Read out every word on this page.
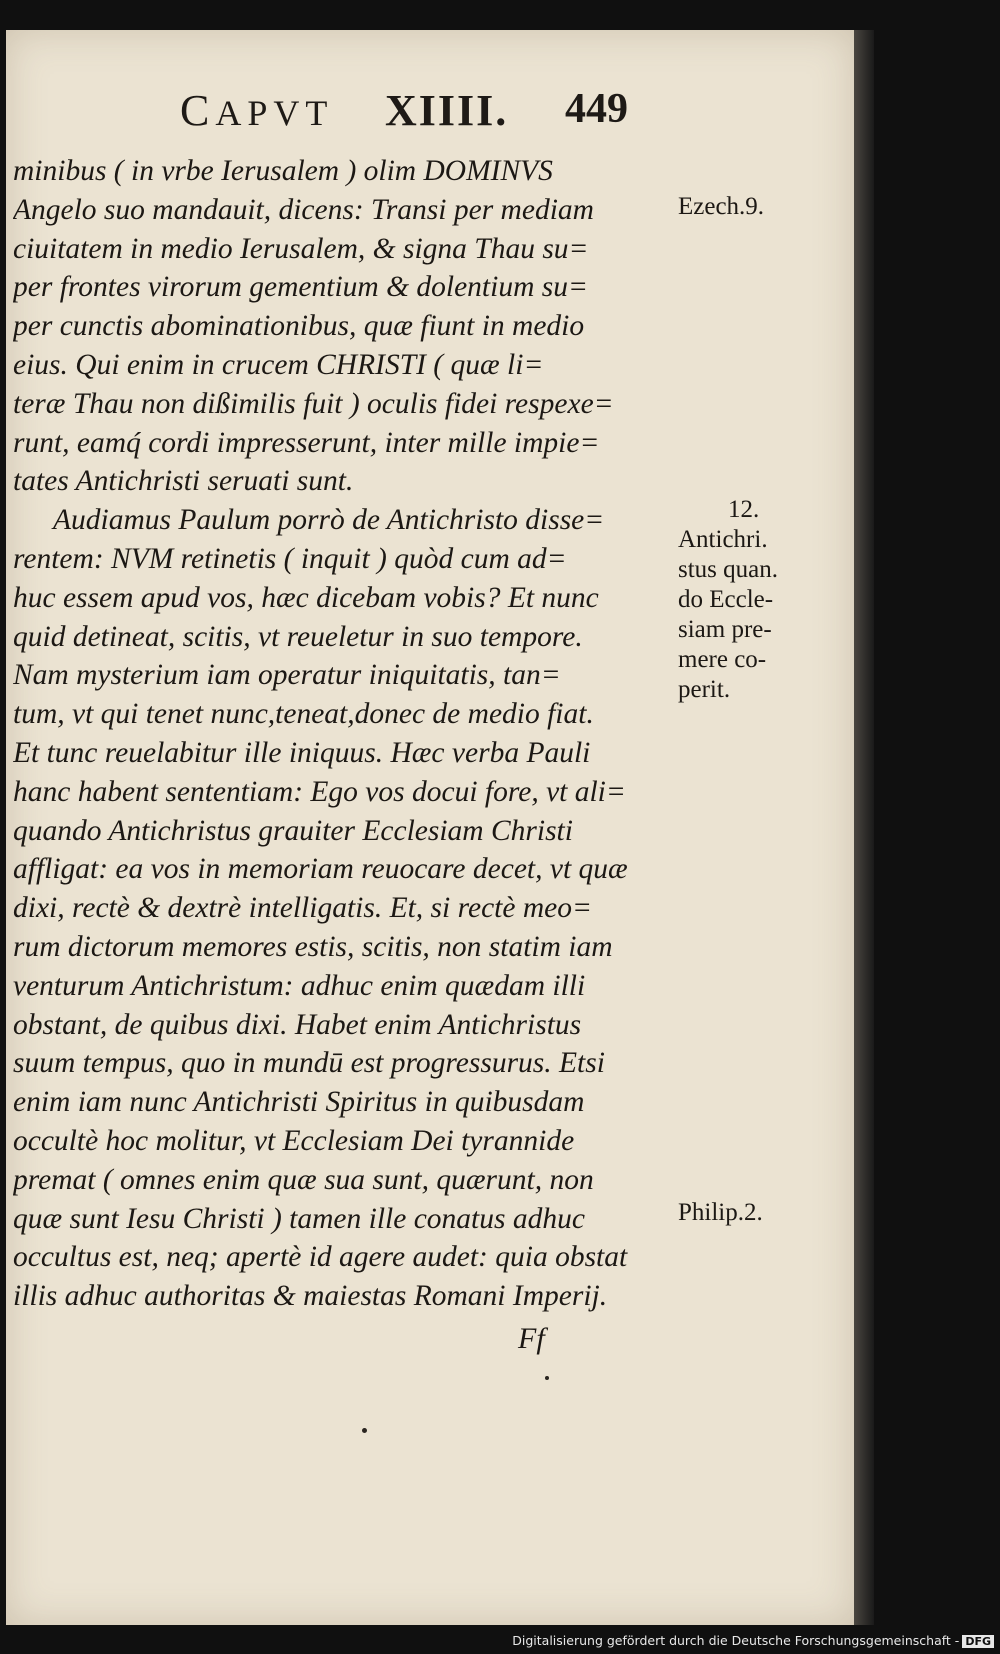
CAPVT XIIII. 449
minibus ( in vrbe Ierusalem ) olim DOMINVS
Angelo suo mandauit, dicens: Transi per mediam
ciuitatem in medio Ierusalem, & signa Thau su=
per frontes virorum gementium & dolentium su=
per cunctis abominationibus, quæ fiunt in medio
eius. Qui enim in crucem CHRISTI ( quæ li=
teræ Thau non dißimilis fuit ) oculis fidei respexe=
runt, eamq́ cordi impresserunt, inter mille impie=
tates Antichristi seruati sunt.
Audiamus Paulum porrò de Antichristo disse=
rentem: NVM retinetis ( inquit ) quòd cum ad=
huc essem apud vos, hæc dicebam vobis? Et nunc
quid detineat, scitis, vt reueletur in suo tempore.
Nam mysterium iam operatur iniquitatis, tan=
tum, vt qui tenet nunc,teneat,donec de medio fiat.
Et tunc reuelabitur ille iniquus. Hæc verba Pauli
hanc habent sententiam: Ego vos docui fore, vt ali=
quando Antichristus grauiter Ecclesiam Christi
affligat: ea vos in memoriam reuocare decet, vt quæ
dixi, rectè & dextrè intelligatis. Et, si rectè meo=
rum dictorum memores estis, scitis, non statim iam
venturum Antichristum: adhuc enim quædam illi
obstant, de quibus dixi. Habet enim Antichristus
suum tempus, quo in mundū est progressurus. Etsi
enim iam nunc Antichristi Spiritus in quibusdam
occultè hoc molitur, vt Ecclesiam Dei tyrannide
premat ( omnes enim quæ sua sunt, quærunt, non
quæ sunt Iesu Christi ) tamen ille conatus adhuc
occultus est, neq; apertè id agere audet: quia obstat
illis adhuc authoritas & maiestas Romani Imperij.
Ezech.9.
12.
Antichri.
stus quan.
do Eccle-
siam pre-
mere co-
perit.
Philip.2.
Ff
Digitalisierung gefördert durch die Deutsche Forschungsgemeinschaft - DFG
